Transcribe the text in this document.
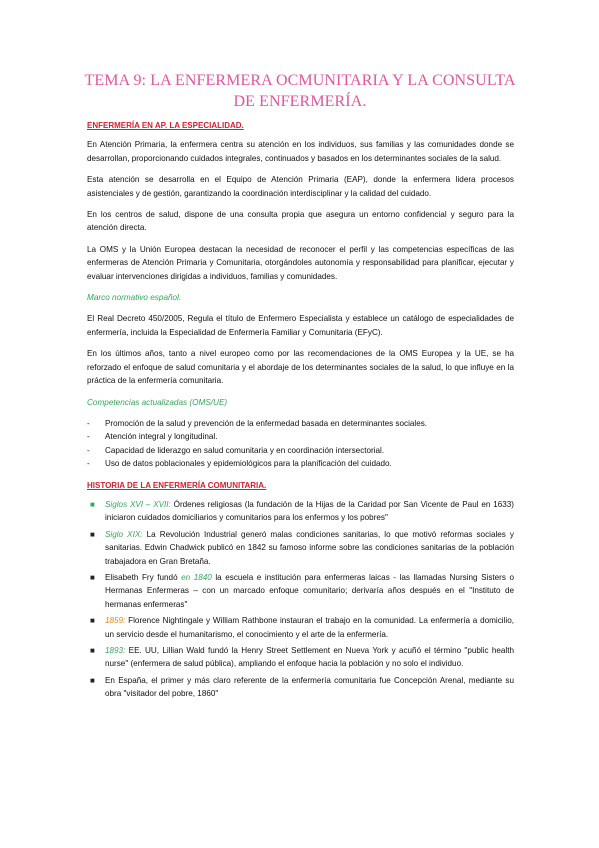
TEMA 9: LA ENFERMERA OCMUNITARIA Y LA CONSULTA
DE ENFERMERÍA.
ENFERMERÍA EN AP. LA ESPECIALIDAD.

En Atención Primaria, la enfermera centra su atención en los individuos, sus familias y las comunidades donde se desarrollan, proporcionando cuidados integrales, continuados y basados en los determinantes sociales de la salud.

Esta atención se desarrolla en el Equipo de Atención Primaria (EAP), donde la enfermera lidera procesos asistenciales y de gestión, garantizando la coordinación interdisciplinar y la calidad del cuidado.

En los centros de salud, dispone de una consulta propia que asegura un entorno confidencial y seguro para la atención directa.

La OMS y la Unión Europea destacan la necesidad de reconocer el perfil y las competencias específicas de las enfermeras de Atención Primaria y Comunitaria, otorgándoles autonomía y responsabilidad para planificar, ejecutar y evaluar intervenciones dirigidas a individuos, familias y comunidades.

Marco normativo español.

El Real Decreto 450/2005, Regula el título de Enfermero Especialista y establece un catálogo de especialidades de enfermería, incluida la Especialidad de Enfermería Familiar y Comunitaria (EFyC).

En los últimos años, tanto a nivel europeo como por las recomendaciones de la OMS Europea y la UE, se ha reforzado el enfoque de salud comunitaria y el abordaje de los determinantes sociales de la salud, lo que influye en la práctica de la enfermería comunitaria.

Competencias actualizadas (OMS/UE)
- Promoción de la salud y prevención de la enfermedad basada en determinantes sociales.
- Atención integral y longitudinal.
- Capacidad de liderazgo en salud comunitaria y en coordinación intersectorial.
- Uso de datos poblacionales y epidemiológicos para la planificación del cuidado.
HISTORIA DE LA ENFERMERÍA COMUNITARIA.
■ Siglos XVI – XVII: Órdenes religiosas (la fundación de la Hijas de la Caridad por San Vicente de Paul en 1633) iniciaron cuidados domiciliarios y comunitarios para los enfermos y los pobres"
■ Siglo XIX: La Revolución Industrial generó malas condiciones sanitarias, lo que motivó reformas sociales y sanitarias. Edwin Chadwick publicó en 1842 su famoso informe sobre las condiciones sanitarias de la población trabajadora en Gran Bretaña.
■ Elisabeth Fry fundó en 1840 la escuela e institución para enfermeras laicas - las llamadas Nursing Sisters o Hermanas Enfermeras – con un marcado enfoque comunitario; derivaría años después en el "Instituto de hermanas enfermeras"
■ 1859: Florence Nightingale y William Rathbone instauran el trabajo en la comunidad. La enfermería a domicilio, un servicio desde el humanitarismo, el conocimiento y el arte de la enfermería.
■ 1893: EE. UU, Lillian Wald fundó la Henry Street Settlement en Nueva York y acuñó el término "public health nurse" (enfermera de salud pública), ampliando el enfoque hacia la población y no solo el individuo.
■ En España, el primer y más claro referente de la enfermería comunitaria fue Concepción Arenal, mediante su obra "visitador del pobre, 1860"
